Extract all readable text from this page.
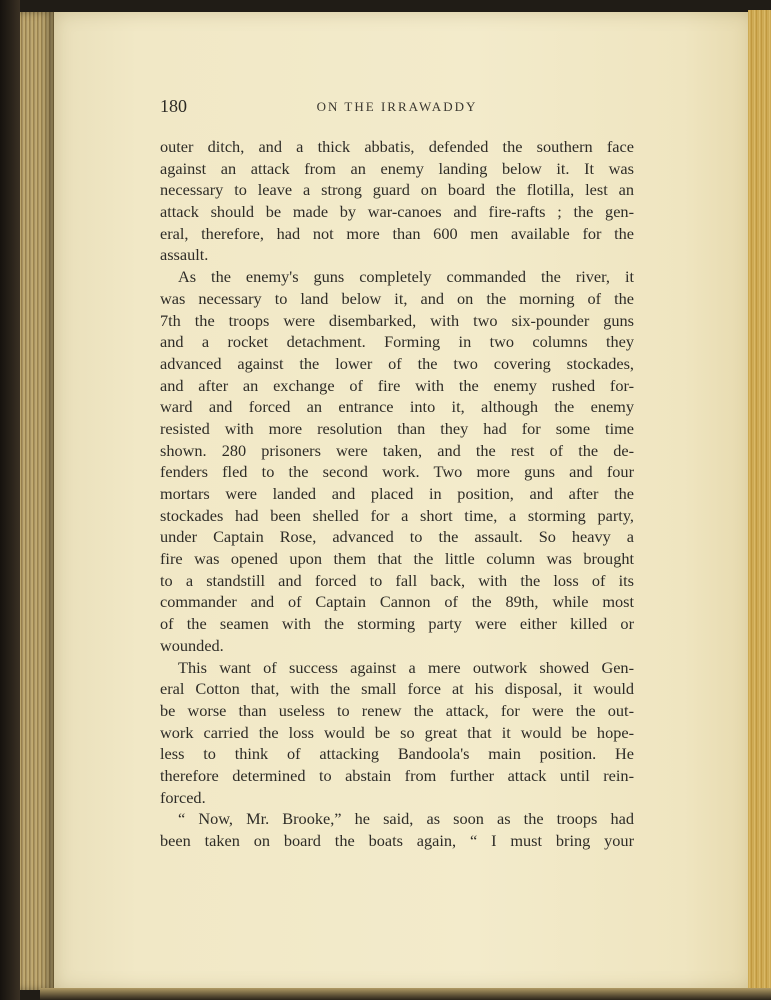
180	ON THE IRRAWADDY
outer ditch, and a thick abbatis, defended the southern face
against an attack from an enemy landing below it. It was
necessary to leave a strong guard on board the flotilla, lest an
attack should be made by war-canoes and fire-rafts ; the gen-
eral, therefore, had not more than 600 men available for the
assault.
As the enemy's guns completely commanded the river, it
was necessary to land below it, and on the morning of the
7th the troops were disembarked, with two six-pounder guns
and a rocket detachment. Forming in two columns they
advanced against the lower of the two covering stockades,
and after an exchange of fire with the enemy rushed for-
ward and forced an entrance into it, although the enemy
resisted with more resolution than they had for some time
shown. 280 prisoners were taken, and the rest of the de-
fenders fled to the second work. Two more guns and four
mortars were landed and placed in position, and after the
stockades had been shelled for a short time, a storming party,
under Captain Rose, advanced to the assault. So heavy a
fire was opened upon them that the little column was brought
to a standstill and forced to fall back, with the loss of its
commander and of Captain Cannon of the 89th, while most
of the seamen with the storming party were either killed or
wounded.
This want of success against a mere outwork showed Gen-
eral Cotton that, with the small force at his disposal, it would
be worse than useless to renew the attack, for were the out-
work carried the loss would be so great that it would be hope-
less to think of attacking Bandoola's main position. He
therefore determined to abstain from further attack until rein-
forced.
“ Now, Mr. Brooke,” he said, as soon as the troops had
been taken on board the boats again, “ I must bring your
